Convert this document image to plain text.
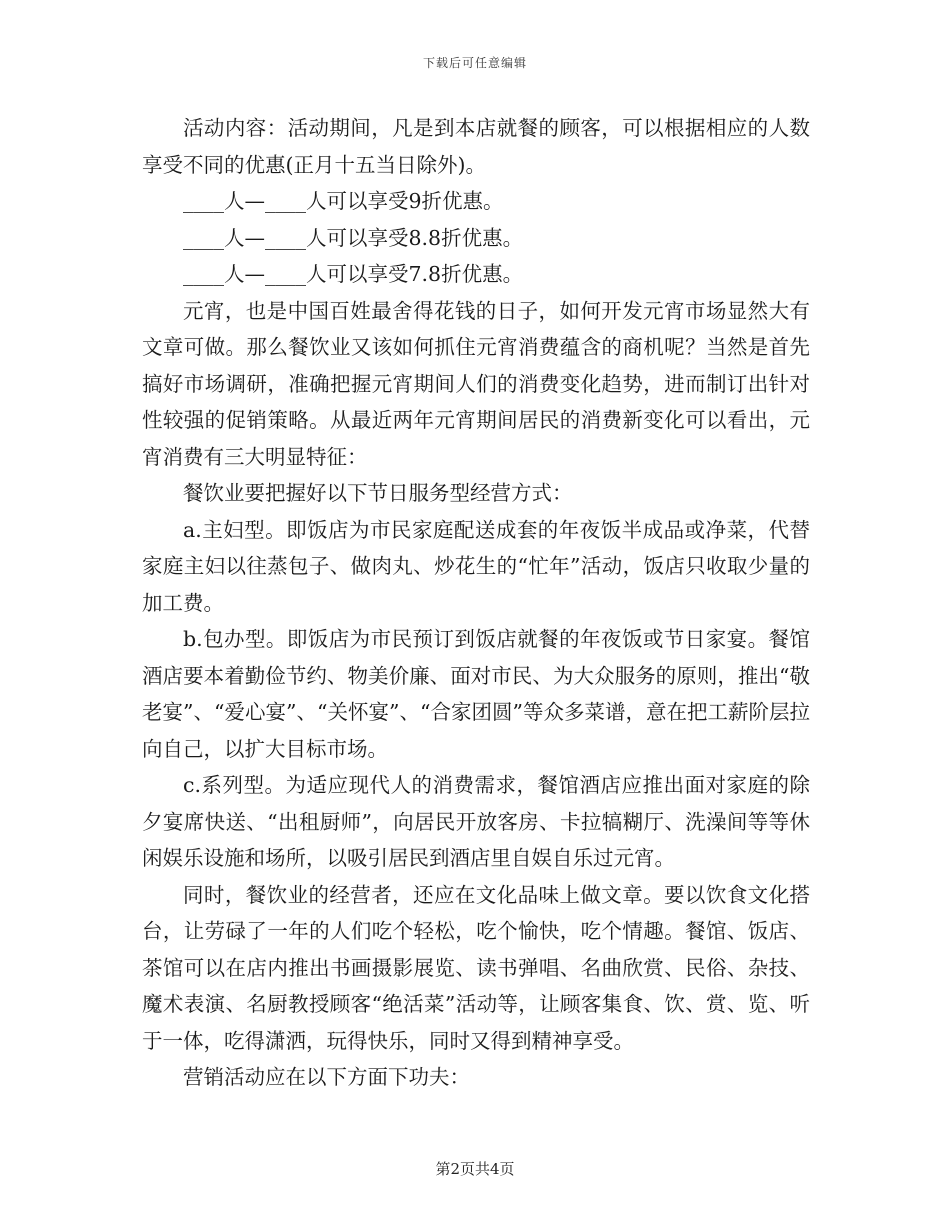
下载后可任意编辑

活动内容：活动期间，凡是到本店就餐的顾客，可以根据相应的人数享受不同的优惠(正月十五当日除外)。

____人—____人可以享受9折优惠。

____人—____人可以享受8.8折优惠。

____人—____人可以享受7.8折优惠。

元宵，也是中国百姓最舍得花钱的日子，如何开发元宵市场显然大有文章可做。那么餐饮业又该如何抓住元宵消费蕴含的商机呢？当然是首先搞好市场调研，准确把握元宵期间人们的消费变化趋势，进而制订出针对性较强的促销策略。从最近两年元宵期间居民的消费新变化可以看出，元宵消费有三大明显特征：

餐饮业要把握好以下节日服务型经营方式：

a.主妇型。即饭店为市民家庭配送成套的年夜饭半成品或净菜，代替家庭主妇以往蒸包子、做肉丸、炒花生的“忙年”活动，饭店只收取少量的加工费。

b.包办型。即饭店为市民预订到饭店就餐的年夜饭或节日家宴。餐馆酒店要本着勤俭节约、物美价廉、面对市民、为大众服务的原则，推出“敬老宴”、“爱心宴”、“关怀宴”、“合家团圆”等众多菜谱，意在把工薪阶层拉向自己，以扩大目标市场。

c.系列型。为适应现代人的消费需求，餐馆酒店应推出面对家庭的除夕宴席快送、“出租厨师”，向居民开放客房、卡拉犒糊厅、洗澡间等等休闲娱乐设施和场所，以吸引居民到酒店里自娱自乐过元宵。

同时，餐饮业的经营者，还应在文化品味上做文章。要以饮食文化搭台，让劳碌了一年的人们吃个轻松，吃个愉快，吃个情趣。餐馆、饭店、茶馆可以在店内推出书画摄影展览、读书弹唱、名曲欣赏、民俗、杂技、魔术表演、名厨教授顾客“绝活菜”活动等，让顾客集食、饮、赏、览、听于一体，吃得潇洒，玩得快乐，同时又得到精神享受。

营销活动应在以下方面下功夫：

第2页共4页
